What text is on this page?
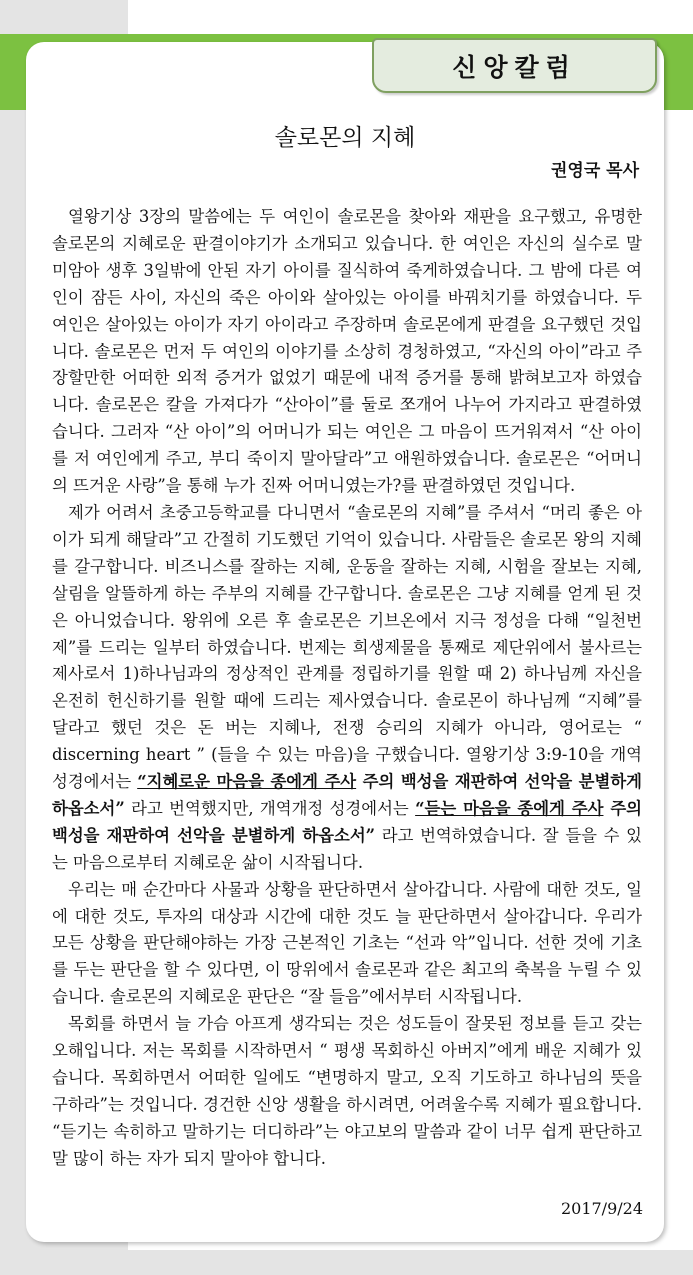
신앙칼럼
솔로몬의 지혜
권영국 목사

열왕기상 3장의 말씀에는 두 여인이 솔로몬을 찾아와 재판을 요구했고, 유명한 솔로몬의 지혜로운 판결이야기가 소개되고 있습니다. 한 여인은 자신의 실수로 말미암아 생후 3일밖에 안된 자기 아이를 질식하여 죽게하였습니다. 그 밤에 다른 여인이 잠든 사이, 자신의 죽은 아이와 살아있는 아이를 바꿔치기를 하였습니다. 두 여인은 살아있는 아이가 자기 아이라고 주장하며 솔로몬에게 판결을 요구했던 것입니다. 솔로몬은 먼저 두 여인의 이야기를 소상히 경청하였고, “자신의 아이”라고 주장할만한 어떠한 외적 증거가 없었기 때문에 내적 증거를 통해 밝혀보고자 하였습니다. 솔로몬은 칼을 가져다가 “산아이”를 둘로 쪼개어 나누어 가지라고 판결하였습니다. 그러자 “산 아이”의 어머니가 되는 여인은 그 마음이 뜨거워져서 “산 아이를 저 여인에게 주고, 부디 죽이지 말아달라”고 애원하였습니다. 솔로몬은 “어머니의 뜨거운 사랑”을 통해 누가 진짜 어머니였는가?를 판결하였던 것입니다.

제가 어려서 초중고등학교를 다니면서 “솔로몬의 지혜”를 주셔서 “머리 좋은 아이가 되게 해달라”고 간절히 기도했던 기억이 있습니다. 사람들은 솔로몬 왕의 지혜를 갈구합니다. 비즈니스를 잘하는 지혜, 운동을 잘하는 지혜, 시험을 잘보는 지혜, 살림을 알뜰하게 하는 주부의 지혜를 간구합니다. 솔로몬은 그냥 지혜를 얻게 된 것은 아니었습니다. 왕위에 오른 후 솔로몬은 기브온에서 지극 정성을 다해 “일천번제”를 드리는 일부터 하였습니다. 번제는 희생제물을 통째로 제단위에서 불사르는 제사로서 1)하나님과의 정상적인 관계를 정립하기를 원할 때 2) 하나님께 자신을 온전히 헌신하기를 원할 때에 드리는 제사였습니다. 솔로몬이 하나님께 “지혜”를 달라고 했던 것은 돈 버는 지혜나, 전쟁 승리의 지혜가 아니라, 영어로는 “ discerning heart ” (들을 수 있는 마음)을 구했습니다. 열왕기상 3:9-10을 개역성경에서는 “지혜로운 마음을 종에게 주사 주의 백성을 재판하여 선악을 분별하게 하옵소서” 라고 번역했지만, 개역개정 성경에서는 “듣는 마음을 종에게 주사 주의 백성을 재판하여 선악을 분별하게 하옵소서” 라고 번역하였습니다. 잘 들을 수 있는 마음으로부터 지혜로운 삶이 시작됩니다.

우리는 매 순간마다 사물과 상황을 판단하면서 살아갑니다. 사람에 대한 것도, 일에 대한 것도, 투자의 대상과 시간에 대한 것도 늘 판단하면서 살아갑니다. 우리가 모든 상황을 판단해야하는 가장 근본적인 기초는 “선과 악”입니다. 선한 것에 기초를 두는 판단을 할 수 있다면, 이 땅위에서 솔로몬과 같은 최고의 축복을 누릴 수 있습니다. 솔로몬의 지혜로운 판단은 “잘 들음”에서부터 시작됩니다.

목회를 하면서 늘 가슴 아프게 생각되는 것은 성도들이 잘못된 정보를 듣고 갖는 오해입니다. 저는 목회를 시작하면서 “ 평생 목회하신 아버지”에게 배운 지혜가 있습니다. 목회하면서 어떠한 일에도 “변명하지 말고, 오직 기도하고 하나님의 뜻을 구하라”는 것입니다. 경건한 신앙 생활을 하시려면, 어려울수록 지혜가 필요합니다. “듣기는 속히하고 말하기는 더디하라”는 야고보의 말씀과 같이 너무 쉽게 판단하고 말 많이 하는 자가 되지 말아야 합니다.

2017/9/24
